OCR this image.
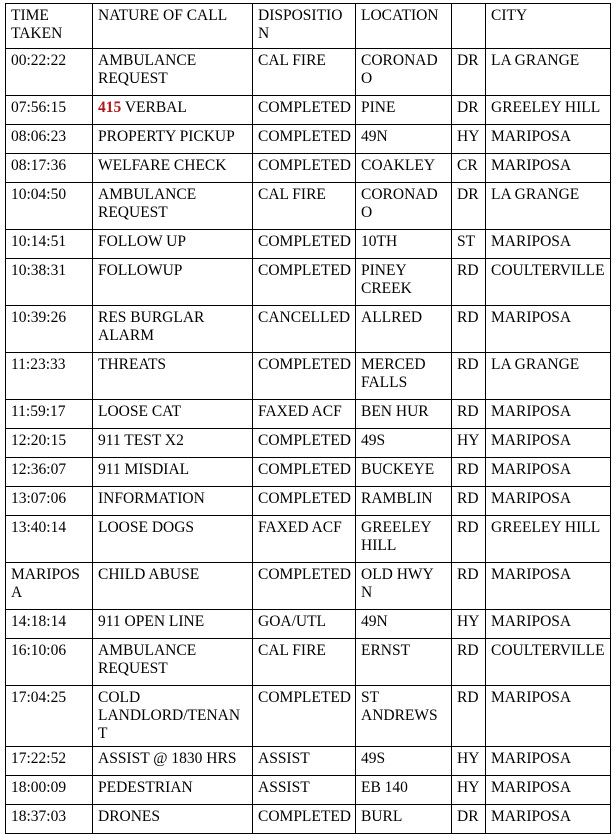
TIME TAKEN	NATURE OF CALL	DISPOSITION	LOCATION		CITY
00:22:22	AMBULANCE REQUEST	CAL FIRE	CORONADO	DR	LA GRANGE
07:56:15	415 VERBAL	COMPLETED	PINE	DR	GREELEY HILL
08:06:23	PROPERTY PICKUP	COMPLETED	49N	HY	MARIPOSA
08:17:36	WELFARE CHECK	COMPLETED	COAKLEY	CR	MARIPOSA
10:04:50	AMBULANCE REQUEST	CAL FIRE	CORONADO	DR	LA GRANGE
10:14:51	FOLLOW UP	COMPLETED	10TH	ST	MARIPOSA
10:38:31	FOLLOWUP	COMPLETED	PINEY CREEK	RD	COULTERVILLE
10:39:26	RES BURGLAR ALARM	CANCELLED	ALLRED	RD	MARIPOSA
11:23:33	THREATS	COMPLETED	MERCED FALLS	RD	LA GRANGE
11:59:17	LOOSE CAT	FAXED ACF	BEN HUR	RD	MARIPOSA
12:20:15	911 TEST X2	COMPLETED	49S	HY	MARIPOSA
12:36:07	911 MISDIAL	COMPLETED	BUCKEYE	RD	MARIPOSA
13:07:06	INFORMATION	COMPLETED	RAMBLIN	RD	MARIPOSA
13:40:14	LOOSE DOGS	FAXED ACF	GREELEY HILL	RD	GREELEY HILL
MARIPOSA	CHILD ABUSE	COMPLETED	OLD HWY N	RD	MARIPOSA
14:18:14	911 OPEN LINE	GOA/UTL	49N	HY	MARIPOSA
16:10:06	AMBULANCE REQUEST	CAL FIRE	ERNST	RD	COULTERVILLE
17:04:25	COLD LANDLORD/TENANT	COMPLETED	ST ANDREWS	RD	MARIPOSA
17:22:52	ASSIST @ 1830 HRS	ASSIST	49S	HY	MARIPOSA
18:00:09	PEDESTRIAN	ASSIST	EB 140	HY	MARIPOSA
18:37:03	DRONES	COMPLETED	BURL	DR	MARIPOSA
